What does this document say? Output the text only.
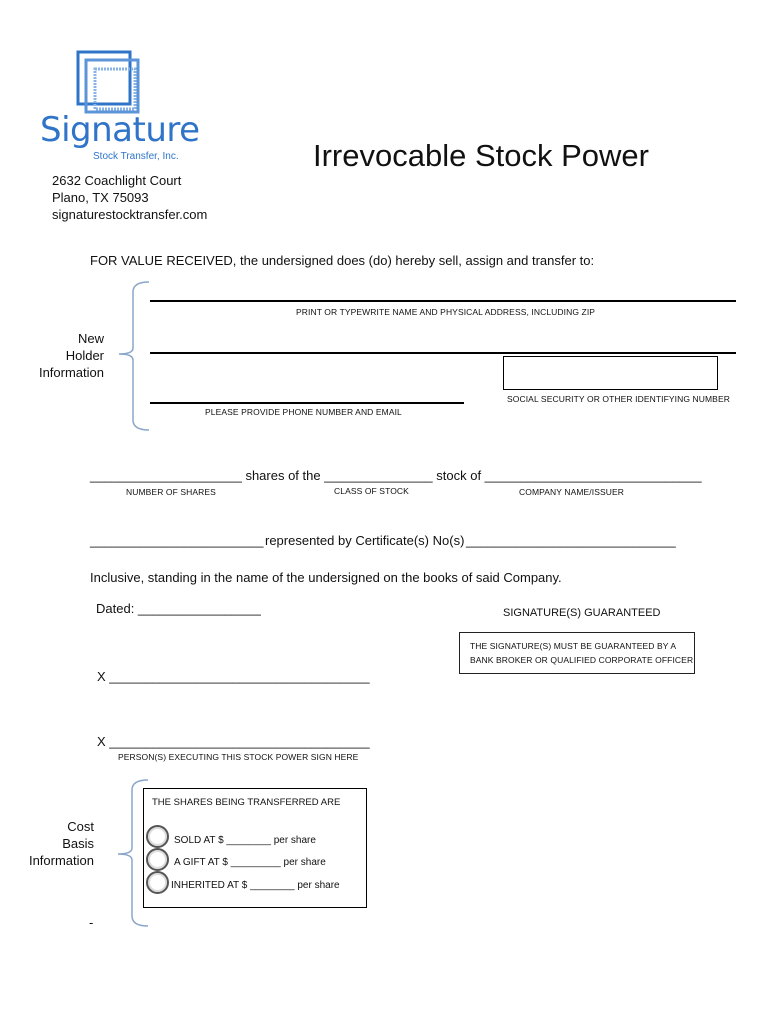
Signature
Stock Transfer, Inc.
2632 Coachlight Court
Plano, TX 75093
signaturestocktransfer.com
Irrevocable Stock Power
FOR VALUE RECEIVED, the undersigned does (do) hereby sell, assign and transfer to:
New
Holder
Information
PRINT OR TYPEWRITE NAME AND PHYSICAL ADDRESS, INCLUDING ZIP
SOCIAL SECURITY OR OTHER IDENTIFYING NUMBER
PLEASE PROVIDE PHONE NUMBER AND EMAIL
_____________________ shares of the _______________ stock of ______________________________
NUMBER OF SHARES	CLASS OF STOCK	COMPANY NAME/ISSUER
________________________ represented by Certificate(s) No(s) _____________________________
Inclusive, standing in the name of the undersigned on the books of said Company.
Dated: _________________	SIGNATURE(S) GUARANTEED
THE SIGNATURE(S) MUST BE GUARANTEED BY A
BANK BROKER OR QUALIFIED CORPORATE OFFICER
X ____________________________________
X ____________________________________
PERSON(S) EXECUTING THIS STOCK POWER SIGN HERE
Cost
Basis
Information
THE SHARES BEING TRANSFERRED ARE
SOLD AT $ ________ per share
A GIFT AT $ _________ per share
INHERITED AT $ ________ per share
-
